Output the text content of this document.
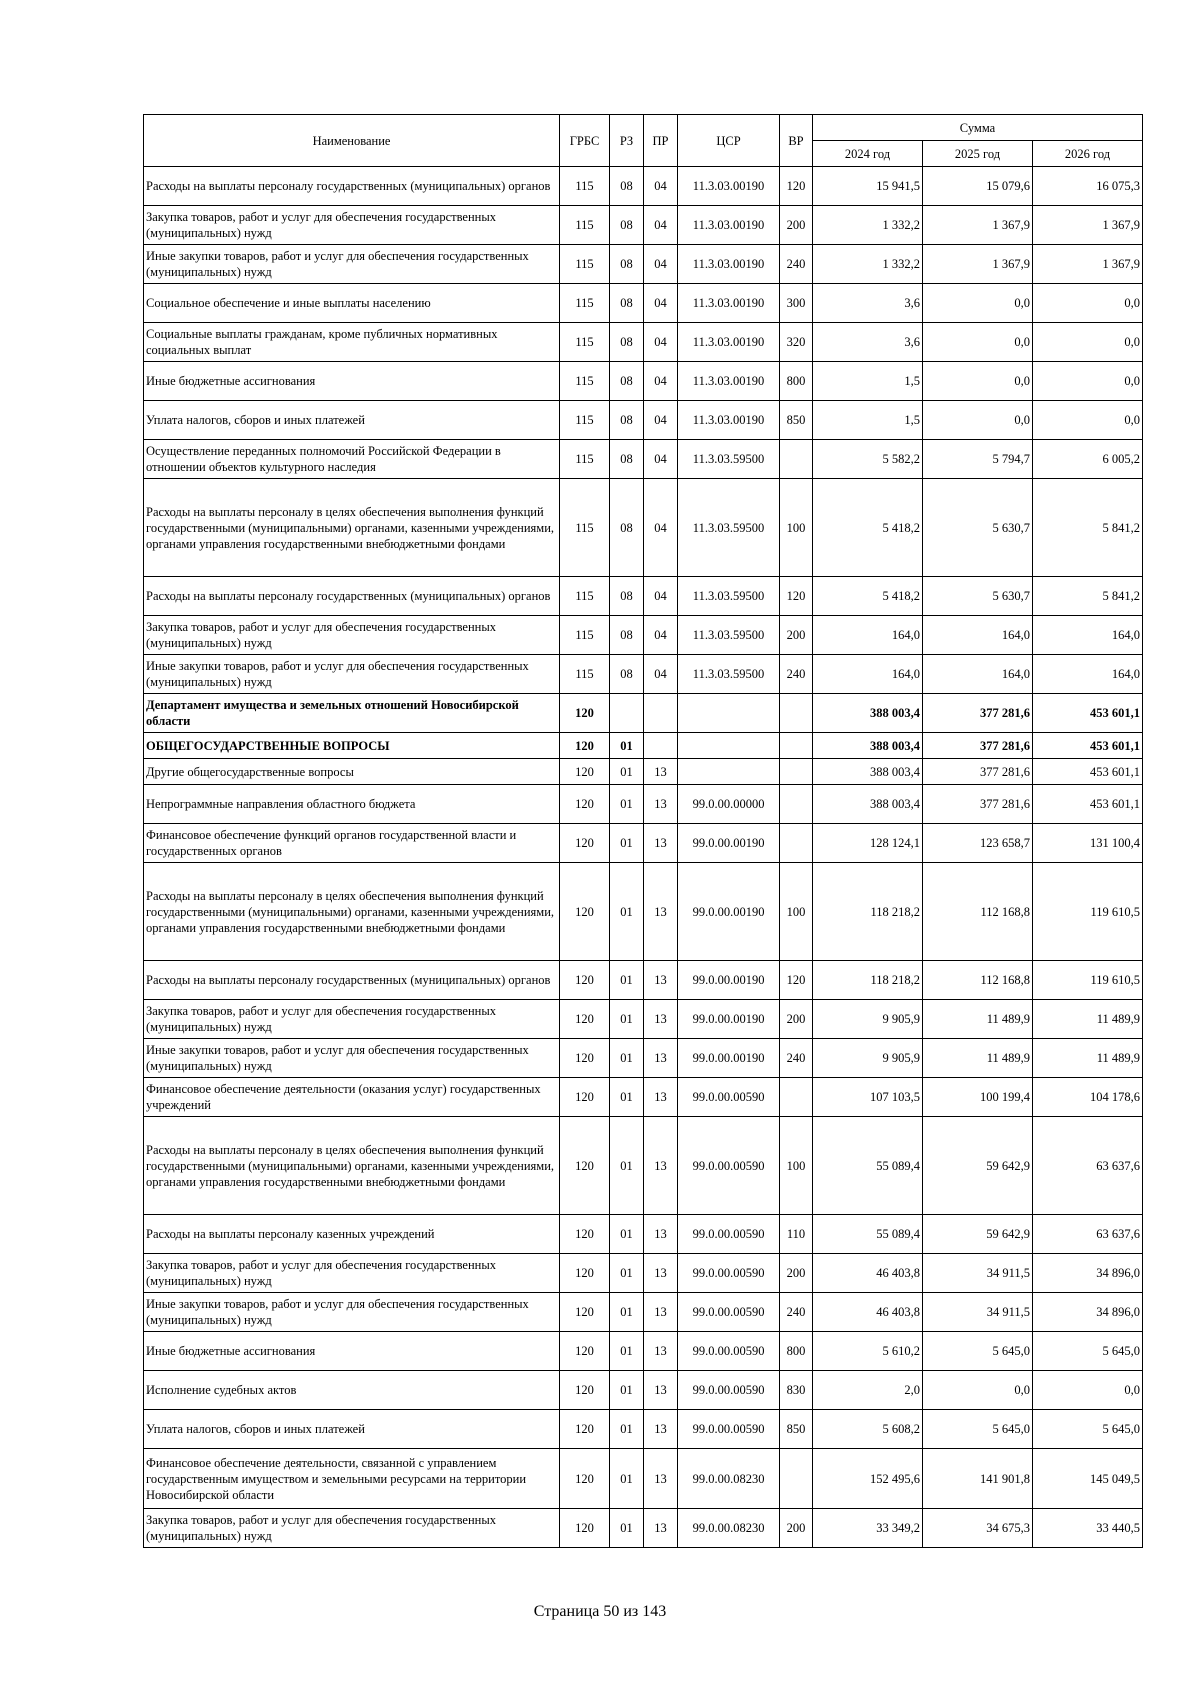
Наименование	ГРБС	РЗ	ПР	ЦСР	ВР	Сумма		
						2024 год	2025 год	2026 год
Расходы на выплаты персоналу государственных (муниципальных) органов	115	08	04	11.3.03.00190	120	15 941,5	15 079,6	16 075,3
Закупка товаров, работ и услуг для обеспечения государственных (муниципальных) нужд	115	08	04	11.3.03.00190	200	1 332,2	1 367,9	1 367,9
Иные закупки товаров, работ и услуг для обеспечения государственных (муниципальных) нужд	115	08	04	11.3.03.00190	240	1 332,2	1 367,9	1 367,9
Социальное обеспечение и иные выплаты населению	115	08	04	11.3.03.00190	300	3,6	0,0	0,0
Социальные выплаты гражданам, кроме публичных нормативных социальных выплат	115	08	04	11.3.03.00190	320	3,6	0,0	0,0
Иные бюджетные ассигнования	115	08	04	11.3.03.00190	800	1,5	0,0	0,0
Уплата налогов, сборов и иных платежей	115	08	04	11.3.03.00190	850	1,5	0,0	0,0
Осуществление переданных полномочий Российской Федерации в отношении объектов культурного наследия	115	08	04	11.3.03.59500		5 582,2	5 794,7	6 005,2
Расходы на выплаты персоналу в целях обеспечения выполнения функций государственными (муниципальными) органами, казенными учреждениями, органами управления государственными внебюджетными фондами	115	08	04	11.3.03.59500	100	5 418,2	5 630,7	5 841,2
Расходы на выплаты персоналу государственных (муниципальных) органов	115	08	04	11.3.03.59500	120	5 418,2	5 630,7	5 841,2
Закупка товаров, работ и услуг для обеспечения государственных (муниципальных) нужд	115	08	04	11.3.03.59500	200	164,0	164,0	164,0
Иные закупки товаров, работ и услуг для обеспечения государственных (муниципальных) нужд	115	08	04	11.3.03.59500	240	164,0	164,0	164,0
Департамент имущества и земельных отношений Новосибирской области	120					388 003,4	377 281,6	453 601,1
ОБЩЕГОСУДАРСТВЕННЫЕ ВОПРОСЫ	120	01				388 003,4	377 281,6	453 601,1
Другие общегосударственные вопросы	120	01	13			388 003,4	377 281,6	453 601,1
Непрограммные направления областного бюджета	120	01	13	99.0.00.00000		388 003,4	377 281,6	453 601,1
Финансовое обеспечение функций органов государственной власти и государственных органов	120	01	13	99.0.00.00190		128 124,1	123 658,7	131 100,4
Расходы на выплаты персоналу в целях обеспечения выполнения функций государственными (муниципальными) органами, казенными учреждениями, органами управления государственными внебюджетными фондами	120	01	13	99.0.00.00190	100	118 218,2	112 168,8	119 610,5
Расходы на выплаты персоналу государственных (муниципальных) органов	120	01	13	99.0.00.00190	120	118 218,2	112 168,8	119 610,5
Закупка товаров, работ и услуг для обеспечения государственных (муниципальных) нужд	120	01	13	99.0.00.00190	200	9 905,9	11 489,9	11 489,9
Иные закупки товаров, работ и услуг для обеспечения государственных (муниципальных) нужд	120	01	13	99.0.00.00190	240	9 905,9	11 489,9	11 489,9
Финансовое обеспечение деятельности (оказания услуг) государственных учреждений	120	01	13	99.0.00.00590		107 103,5	100 199,4	104 178,6
Расходы на выплаты персоналу в целях обеспечения выполнения функций государственными (муниципальными) органами, казенными учреждениями, органами управления государственными внебюджетными фондами	120	01	13	99.0.00.00590	100	55 089,4	59 642,9	63 637,6
Расходы на выплаты персоналу казенных учреждений	120	01	13	99.0.00.00590	110	55 089,4	59 642,9	63 637,6
Закупка товаров, работ и услуг для обеспечения государственных (муниципальных) нужд	120	01	13	99.0.00.00590	200	46 403,8	34 911,5	34 896,0
Иные закупки товаров, работ и услуг для обеспечения государственных (муниципальных) нужд	120	01	13	99.0.00.00590	240	46 403,8	34 911,5	34 896,0
Иные бюджетные ассигнования	120	01	13	99.0.00.00590	800	5 610,2	5 645,0	5 645,0
Исполнение судебных актов	120	01	13	99.0.00.00590	830	2,0	0,0	0,0
Уплата налогов, сборов и иных платежей	120	01	13	99.0.00.00590	850	5 608,2	5 645,0	5 645,0
Финансовое обеспечение деятельности, связанной с управлением государственным имуществом и земельными ресурсами на территории Новосибирской области	120	01	13	99.0.00.08230		152 495,6	141 901,8	145 049,5
Закупка товаров, работ и услуг для обеспечения государственных (муниципальных) нужд	120	01	13	99.0.00.08230	200	33 349,2	34 675,3	33 440,5
Страница 50 из 143
